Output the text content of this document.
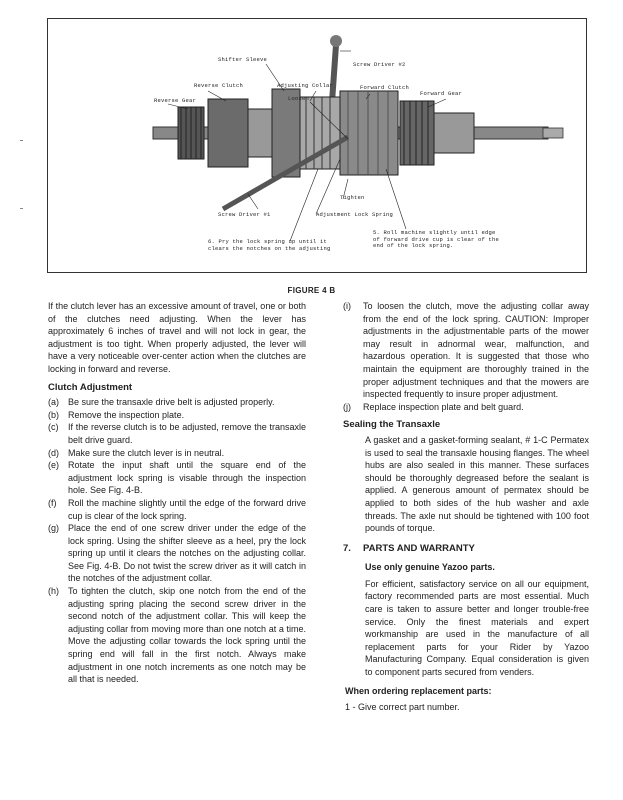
Shifter Sleeve
Screw Driver #2
Reverse Clutch	Adjusting Collar	Forward Clutch
Forward Gear
Reverse Gear	Loosen
Tighten
Screw Driver #1	Adjustment Lock Spring
6. Pry the lock spring up until it
clears the notches on the adjusting
5. Roll machine slightly until edge
of forward drive cup is clear of the
end of the lock spring.
FIGURE 4 B

If the clutch lever has an excessive amount of travel, one or both of the clutches need adjusting. When the lever has approximately 6 inches of travel and will not lock in gear, the adjustment is too tight. When properly adjusted, the lever will have a very noticeable over-center action when the clutches are locking in forward and reverse.

Clutch Adjustment
(a)	Be sure the transaxle drive belt is adjusted properly.
(b)	Remove the inspection plate.
(c)	If the reverse clutch is to be adjusted, remove the transaxle belt drive guard.
(d)	Make sure the clutch lever is in neutral.
(e)	Rotate the input shaft until the square end of the adjustment lock spring is visable through the inspection hole. See Fig. 4-B.
(f)	Roll the machine slightly until the edge of the forward drive cup is clear of the lock spring.
(g)	Place the end of one screw driver under the edge of the lock spring. Using the shifter sleeve as a heel, pry the lock spring up until it clears the notches on the adjusting collar. See Fig. 4-B. Do not twist the screw driver as it will catch in the notches of the adjustment collar.
(h)	To tighten the clutch, skip one notch from the end of the adjusting spring placing the second screw driver in the second notch of the adjustment collar. This will keep the adjusting collar from moving more than one notch at a time. Move the adjusting collar towards the lock spring until the spring end will fall in the first notch. Always make adjustment in one notch increments as one notch may be all that is needed.
(i)	To loosen the clutch, move the adjusting collar away from the end of the lock spring. CAUTION: Improper adjustments in the adjustmentable parts of the mower may result in adnormal wear, malfunction, and hazardous operation. It is suggested that those who maintain the equipment are thoroughly trained in the proper adjustment techniques and that the mowers are inspected frequently to insure proper adjustment.
(j)	Replace inspection plate and belt guard.
Sealing the Transaxle

A gasket and a gasket-forming sealant, # 1-C Permatex is used to seal the transaxle housing flanges. The wheel hubs are also sealed in this manner. These surfaces should be thoroughly degreased before the sealant is applied. A generous amount of permatex should be applied to both sides of the hub washer and axle threads. The axle nut should be tightened with 100 foot pounds of torque.

7.	PARTS AND WARRANTY
Use only genuine Yazoo parts.

For efficient, satisfactory service on all our equipment, factory recommended parts are most essential. Much care is taken to assure better and longer trouble-free service. Only the finest materials and expert workmanship are used in the manufacture of all replacement parts for your Rider by Yazoo Manufacturing Company. Equal consideration is given to component parts secured from venders.

When ordering replacement parts:

1 - Give correct part number.
